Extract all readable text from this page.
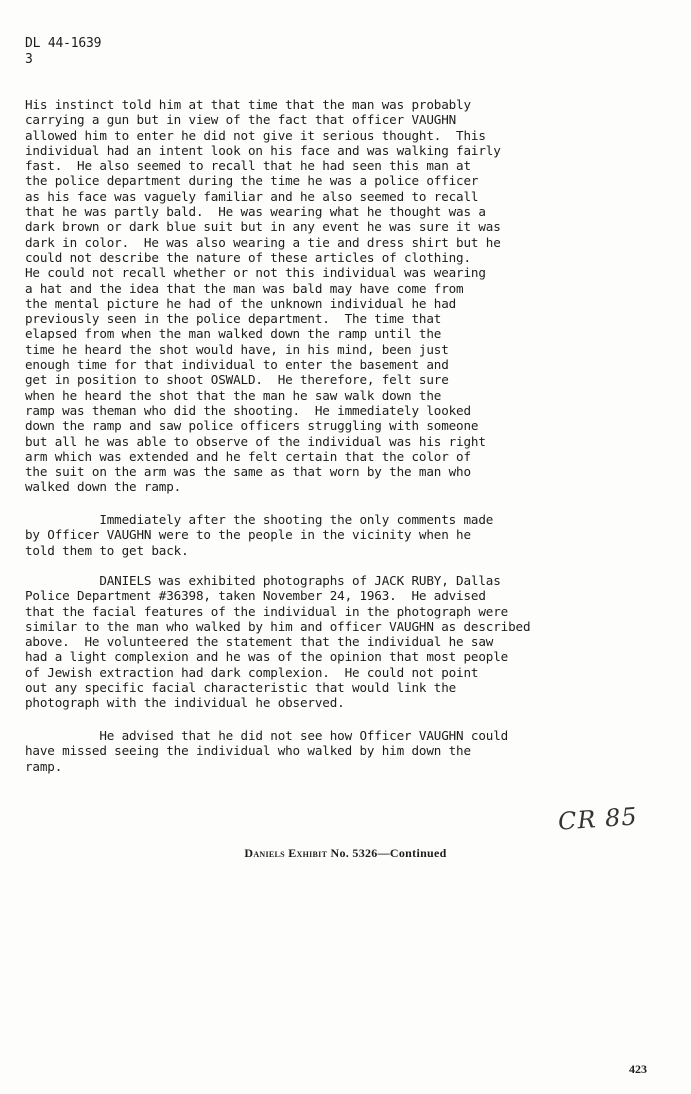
DL 44-1639
3
His instinct told him at that time that the man was probably
carrying a gun but in view of the fact that officer VAUGHN
allowed him to enter he did not give it serious thought.  This
individual had an intent look on his face and was walking fairly
fast.  He also seemed to recall that he had seen this man at
the police department during the time he was a police officer
as his face was vaguely familiar and he also seemed to recall
that he was partly bald.  He was wearing what he thought was a
dark brown or dark blue suit but in any event he was sure it was
dark in color.  He was also wearing a tie and dress shirt but he
could not describe the nature of these articles of clothing.
He could not recall whether or not this individual was wearing
a hat and the idea that the man was bald may have come from
the mental picture he had of the unknown individual he had
previously seen in the police department.  The time that
elapsed from when the man walked down the ramp until the
time he heard the shot would have, in his mind, been just
enough time for that individual to enter the basement and
get in position to shoot OSWALD.  He therefore, felt sure
when he heard the shot that the man he saw walk down the
ramp was theman who did the shooting.  He immediately looked
down the ramp and saw police officers struggling with someone
but all he was able to observe of the individual was his right
arm which was extended and he felt certain that the color of
the suit on the arm was the same as that worn by the man who
walked down the ramp.
Immediately after the shooting the only comments made
by Officer VAUGHN were to the people in the vicinity when he
told them to get back.
DANIELS was exhibited photographs of JACK RUBY, Dallas
Police Department #36398, taken November 24, 1963.  He advised
that the facial features of the individual in the photograph were
similar to the man who walked by him and officer VAUGHN as described
above.  He volunteered the statement that the individual he saw
had a light complexion and he was of the opinion that most people
of Jewish extraction had dark complexion.  He could not point
out any specific facial characteristic that would link the
photograph with the individual he observed.
He advised that he did not see how Officer VAUGHN could
have missed seeing the individual who walked by him down the
ramp.
CR 85
Daniels Exhibit No. 5326—Continued
423
